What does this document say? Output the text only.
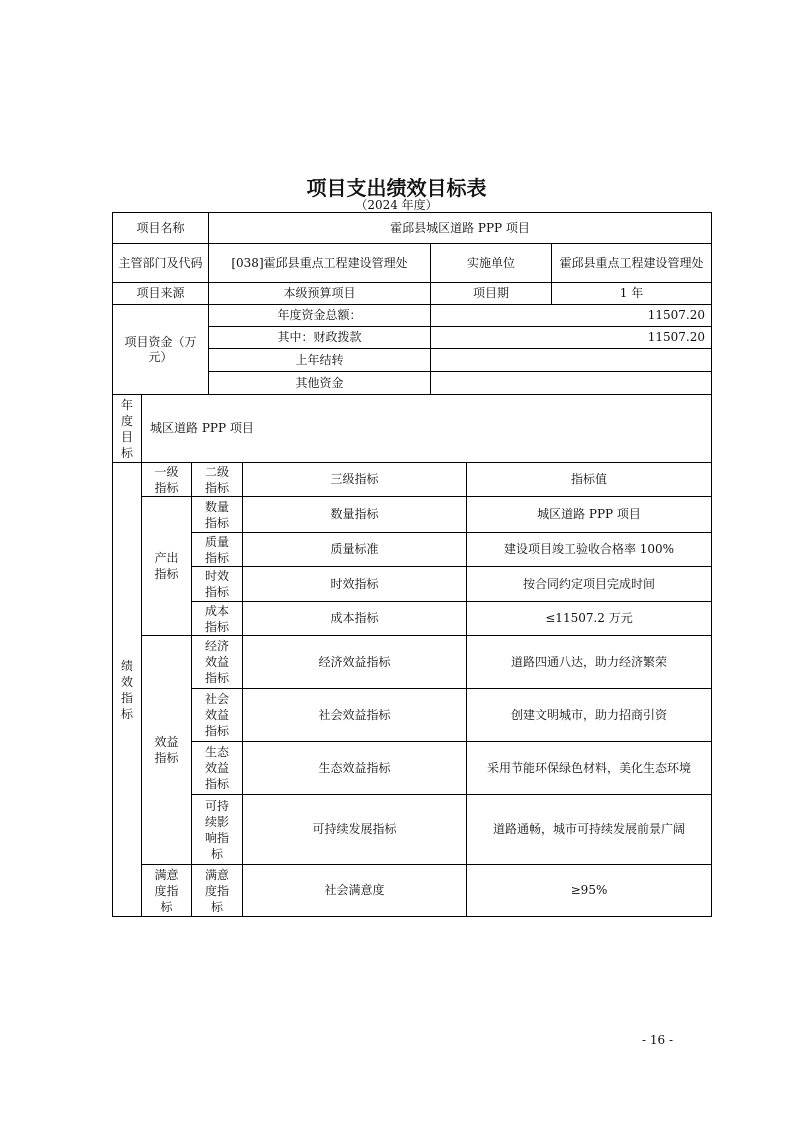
项目支出绩效目标表
（2024 年度）
项目名称			霍邱县城区道路 PPP 项目				
主管部门及代码			[038]霍邱县重点工程建设管理处		实施单位		霍邱县重点工程建设管理处
项目来源			本级预算项目		项目期		1 年
项目资金（万元）			年度资金总额：		11507.20		
			其中：财政拨款		11507.20		
			上年结转				
			其他资金				
年度目标	城区道路 PPP 项目						
绩效指标	一级指标	二级指标		三级指标		指标值	
	产出指标	数量指标		数量指标		城区道路 PPP 项目	
		质量指标		质量标准		建设项目竣工验收合格率 100%	
		时效指标		时效指标		按合同约定项目完成时间	
		成本指标		成本指标		≤11507.2 万元	
	效益指标	经济效益指标		经济效益指标		道路四通八达，助力经济繁荣	
		社会效益指标		社会效益指标		创建文明城市，助力招商引资	
		生态效益指标		生态效益指标		采用节能环保绿色材料，美化生态环境	
		可持续影响指标		可持续发展指标		道路通畅，城市可持续发展前景广阔	
	满意度指标	满意度指标		社会满意度		≥95%	
- 16 -
